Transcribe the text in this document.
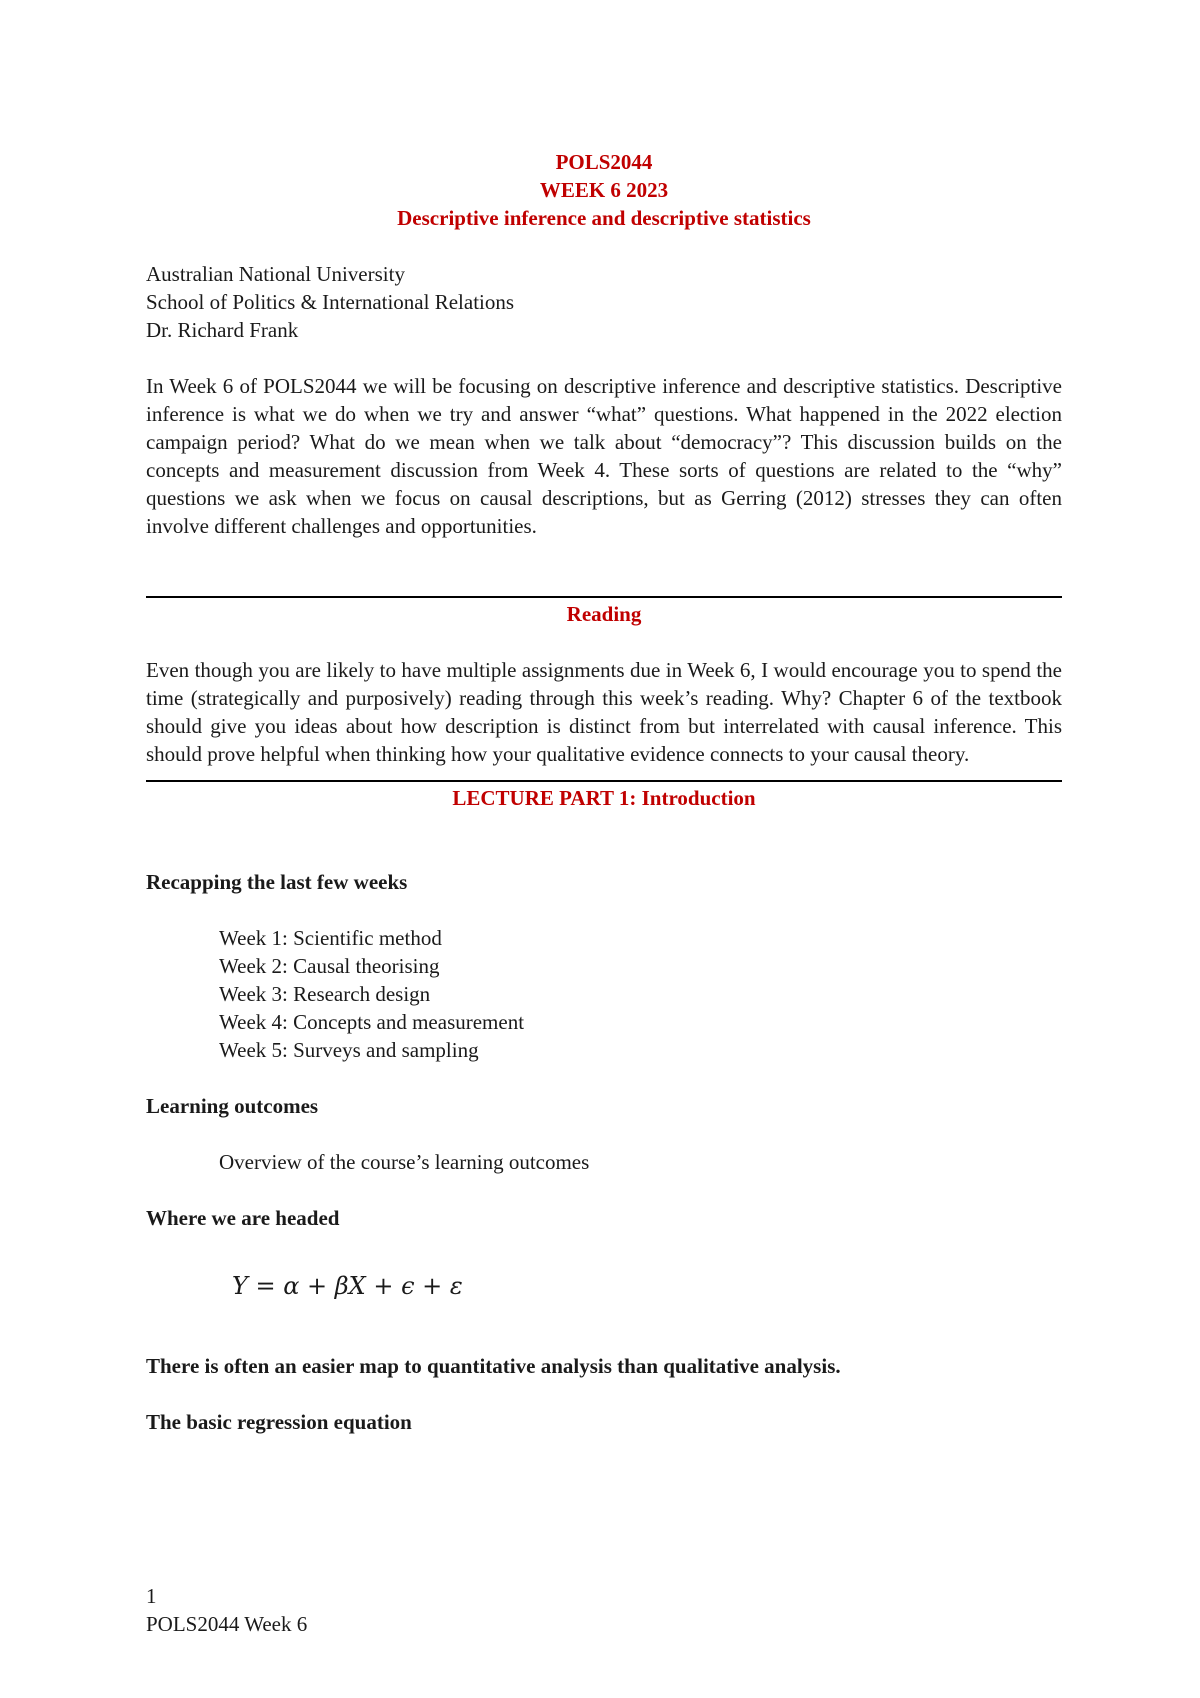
POLS2044
WEEK 6 2023
Descriptive inference and descriptive statistics
Australian National University
School of Politics & International Relations
Dr. Richard Frank
In Week 6 of POLS2044 we will be focusing on descriptive inference and descriptive statistics. Descriptive inference is what we do when we try and answer “what” questions. What happened in the 2022 election campaign period? What do we mean when we talk about “democracy”? This discussion builds on the concepts and measurement discussion from Week 4. These sorts of questions are related to the “why” questions we ask when we focus on causal descriptions, but as Gerring (2012) stresses they can often involve different challenges and opportunities.
Reading
Even though you are likely to have multiple assignments due in Week 6, I would encourage you to spend the time (strategically and purposively) reading through this week’s reading. Why? Chapter 6 of the textbook should give you ideas about how description is distinct from but interrelated with causal inference. This should prove helpful when thinking how your qualitative evidence connects to your causal theory.
LECTURE PART 1: Introduction
Recapping the last few weeks
Week 1: Scientific method
Week 2: Causal theorising
Week 3: Research design
Week 4: Concepts and measurement
Week 5: Surveys and sampling
Learning outcomes
Overview of the course’s learning outcomes
Where we are headed
Y = α + βX + ϵ + ε
There is often an easier map to quantitative analysis than qualitative analysis.
The basic regression equation
1
POLS2044 Week 6
